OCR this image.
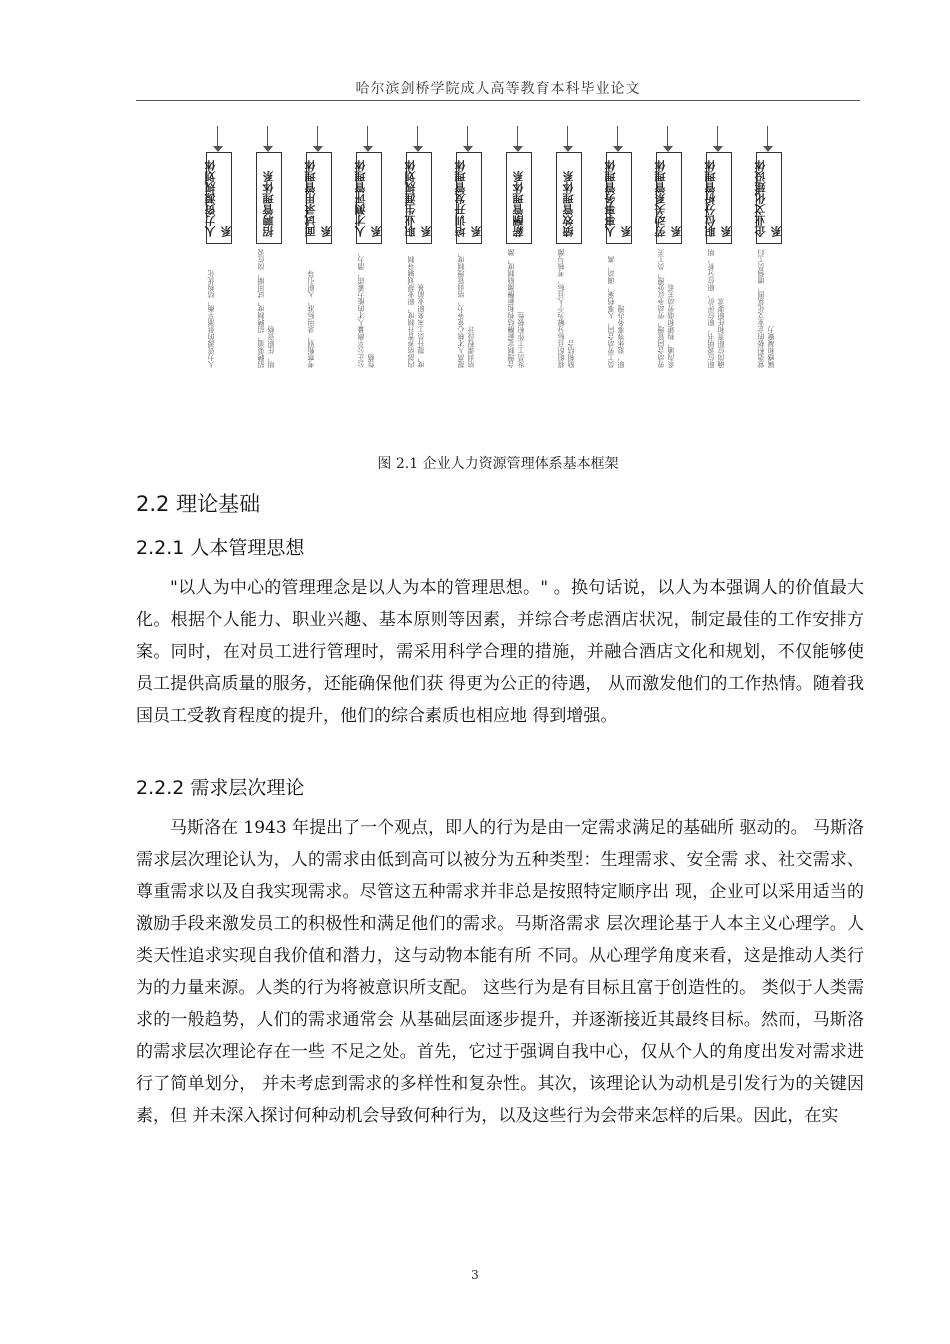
哈尔滨剑桥学院成人高等教育本科毕业论文
人力资源规划体系
人力资源的供需平衡，结构优化
招聘管理体系
招聘渠道，招聘制度，试用期，岗位说明，任职资格
面试录用管理体系
考察甄别，录用标准，入职引导
人才测评管理体系
公正公平测量人才的能力素质，潜力，性格
职业生涯规划体系
内部培养晋升制度，职业规划辅导制度，提升员工未来职业前景
培训开发管理体系
提高人才核心竞争力，培训管理制度，培训课程设计
薪酬管理体系
合理制定薪酬结构和薪酬激励制度，激发员工工作积极性
绩效管理体系
将组织目标分解为个人目标，考核与激励相结合
人事事务管理体系
员工劳动合同，人事档案，调动，离职，退休等事务办理
劳动关系管理体系
劳动合同管理，劳动争议处理，员工关系沟通，构建和谐劳动关系
职位分析管理体系
职位说明书，职位评价，职位分析，明确岗位职责和任职要求
企业文化建设体系
营造积极的企业文化氛围，增强员工归属感和凝聚力
图 2.1 企业人力资源管理体系基本框架
2.2 理论基础
2.2.1 人本管理思想
"以人为中心的管理理念是以人为本的管理思想。" 。换句话说，以人为本强调人的价值最大化。根据个人能力、职业兴趣、基本原则等因素，并综合考虑酒店状况，制定最佳的工作安排方案。同时，在对员工进行管理时，需采用科学合理的措施，并融合酒店文化和规划，不仅能够使员工提供高质量的服务，还能确保他们获 得更为公正的待遇， 从而激发他们的工作热情。随着我国员工受教育程度的提升，他们的综合素质也相应地 得到增强。
2.2.2 需求层次理论
马斯洛在 1943 年提出了一个观点，即人的行为是由一定需求满足的基础所 驱动的。 马斯洛需求层次理论认为，人的需求由低到高可以被分为五种类型：生理需求、安全需 求、社交需求、尊重需求以及自我实现需求。尽管这五种需求并非总是按照特定顺序出 现，企业可以采用适当的激励手段来激发员工的积极性和满足他们的需求。马斯洛需求 层次理论基于人本主义心理学。人类天性追求实现自我价值和潜力，这与动物本能有所 不同。从心理学角度来看，这是推动人类行为的力量来源。人类的行为将被意识所支配。 这些行为是有目标且富于创造性的。 类似于人类需求的一般趋势，人们的需求通常会 从基础层面逐步提升，并逐渐接近其最终目标。然而，马斯洛的需求层次理论存在一些 不足之处。首先，它过于强调自我中心，仅从个人的角度出发对需求进行了简单划分， 并未考虑到需求的多样性和复杂性。其次，该理论认为动机是引发行为的关键因素，但 并未深入探讨何种动机会导致何种行为，以及这些行为会带来怎样的后果。因此，在实
3
